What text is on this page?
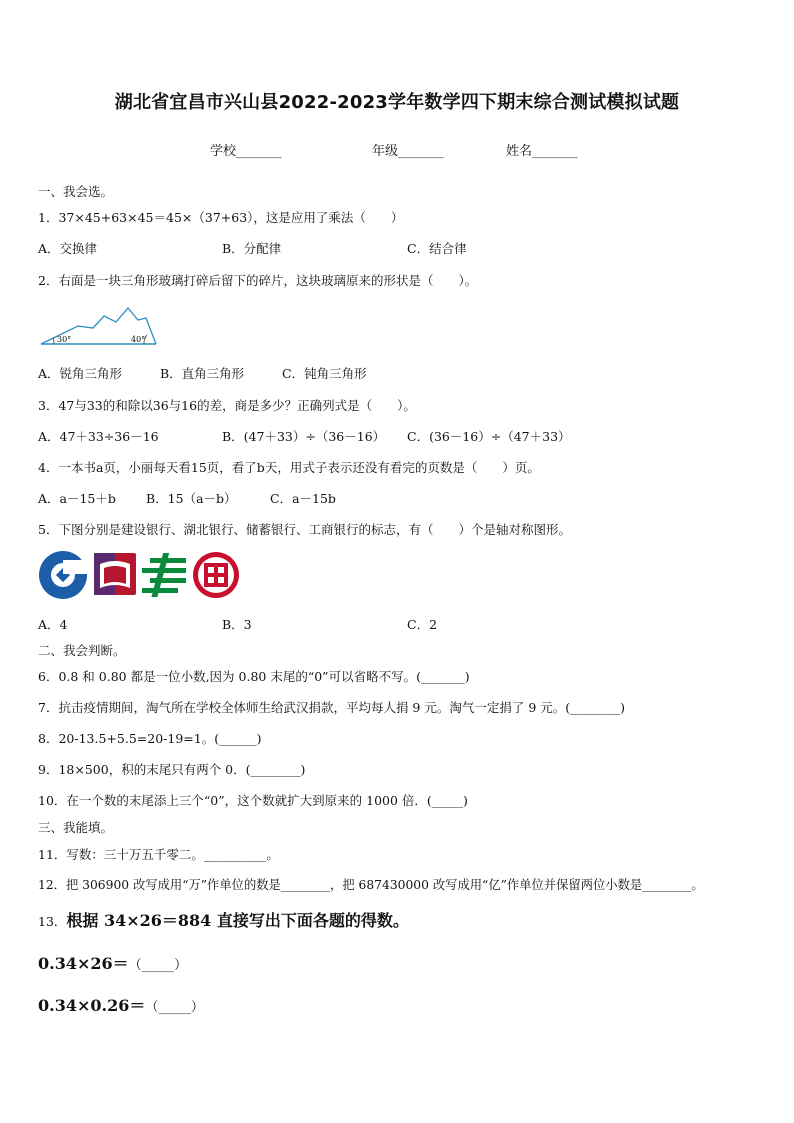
湖北省宜昌市兴山县2022-2023学年数学四下期末综合测试模拟试题
学校_______	年级_______	姓名_______
一、我会选。
1．37×45+63×45＝45×（37+63），这是应用了乘法（　　）
A．交换律	B．分配律	C．结合律
2．右面是一块三角形玻璃打碎后留下的碎片，这块玻璃原来的形状是（　　）。
30°	40°
A．锐角三角形	B．直角三角形	C．钝角三角形
3．47与33的和除以36与16的差，商是多少？正确列式是（　　）。
A．47＋33÷36－16	B．(47＋33）÷（36－16） C．(36－16）÷（47＋33）
4．一本书a页，小丽每天看15页，看了b天，用式子表示还没有看完的页数是（　　）页。
A．a－15＋b B．15（a－b）	C．a－15b
5．下图分别是建设银行、湖北银行、储蓄银行、工商银行的标志，有（　　）个是轴对称图形。
A．4	B．3	C．2
二、我会判断。
6．0.8 和 0.80 都是一位小数,因为 0.80 末尾的“0”可以省略不写。(_______)
7．抗击疫情期间，淘气所在学校全体师生给武汉捐款，平均每人捐 9 元。淘气一定捐了 9 元。(________)
8．20-13.5+5.5=20-19=1。(______)
9．18×500，积的末尾只有两个 0．(________)
10．在一个数的末尾添上三个“0”，这个数就扩大到原来的 1000 倍．(_____)
三、我能填。
11．写数：三十万五千零二。__________。
12．把 306900 改写成用“万”作单位的数是________，把 687430000 改写成用“亿”作单位并保留两位小数是________。
13．根据 34×26＝884 直接写出下面各题的得数。
0.34×26＝（_____）
0.34×0.26＝（_____）
